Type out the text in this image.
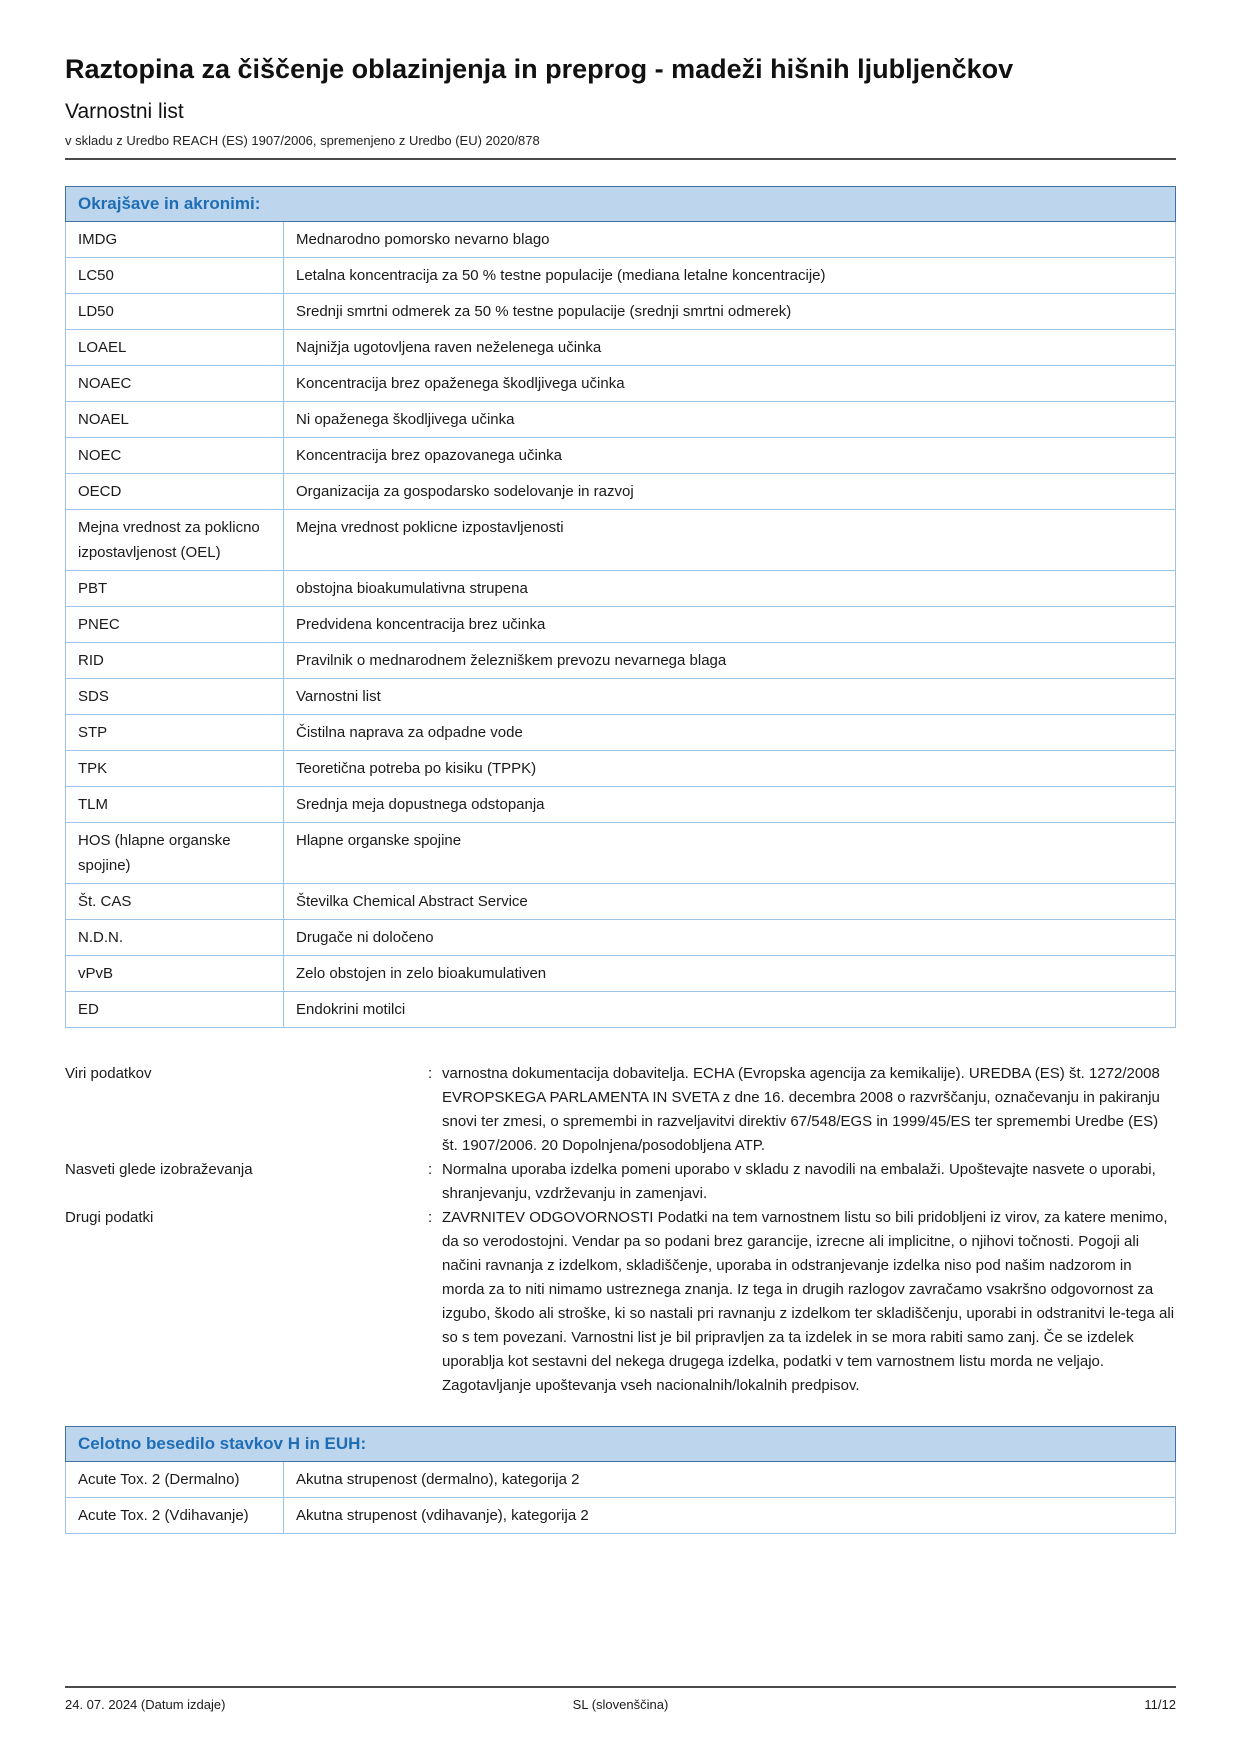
Raztopina za čiščenje oblazinjenja in preprog - madeži hišnih ljubljenčkov
Varnostni list
v skladu z Uredbo REACH (ES) 1907/2006, spremenjeno z Uredbo (EU) 2020/878
Okrajšave in akronimi:	
IMDG	Mednarodno pomorsko nevarno blago
LC50	Letalna koncentracija za 50 % testne populacije (mediana letalne koncentracije)
LD50	Srednji smrtni odmerek za 50 % testne populacije (srednji smrtni odmerek)
LOAEL	Najnižja ugotovljena raven neželenega učinka
NOAEC	Koncentracija brez opaženega škodljivega učinka
NOAEL	Ni opaženega škodljivega učinka
NOEC	Koncentracija brez opazovanega učinka
OECD	Organizacija za gospodarsko sodelovanje in razvoj
Mejna vrednost za poklicno izpostavljenost (OEL)	Mejna vrednost poklicne izpostavljenosti
PBT	obstojna bioakumulativna strupena
PNEC	Predvidena koncentracija brez učinka
RID	Pravilnik o mednarodnem železniškem prevozu nevarnega blaga
SDS	Varnostni list
STP	Čistilna naprava za odpadne vode
TPK	Teoretična potreba po kisiku (TPPK)
TLM	Srednja meja dopustnega odstopanja
HOS (hlapne organske spojine)	Hlapne organske spojine
Št. CAS	Številka Chemical Abstract Service
N.D.N.	Drugače ni določeno
vPvB	Zelo obstojen in zelo bioakumulativen
ED	Endokrini motilci
Viri podatkov	: varnostna dokumentacija dobavitelja. ECHA (Evropska agencija za kemikalije). UREDBA (ES) št. 1272/2008 EVROPSKEGA PARLAMENTA IN SVETA z dne 16. decembra 2008 o razvrščanju, označevanju in pakiranju snovi ter zmesi, o spremembi in razveljavitvi direktiv 67/548/EGS in 1999/45/ES ter spremembi Uredbe (ES) št. 1907/2006. 20 Dopolnjena/posodobljena ATP.
Nasveti glede izobraževanja	: Normalna uporaba izdelka pomeni uporabo v skladu z navodili na embalaži. Upoštevajte nasvete o uporabi, shranjevanju, vzdrževanju in zamenjavi.
Drugi podatki	: ZAVRNITEV ODGOVORNOSTI Podatki na tem varnostnem listu so bili pridobljeni iz virov, za katere menimo, da so verodostojni. Vendar pa so podani brez garancije, izrecne ali implicitne, o njihovi točnosti. Pogoji ali načini ravnanja z izdelkom, skladiščenje, uporaba in odstranjevanje izdelka niso pod našim nadzorom in morda za to niti nimamo ustreznega znanja. Iz tega in drugih razlogov zavračamo vsakršno odgovornost za izgubo, škodo ali stroške, ki so nastali pri ravnanju z izdelkom ter skladiščenju, uporabi in odstranitvi le-tega ali so s tem povezani. Varnostni list je bil pripravljen za ta izdelek in se mora rabiti samo zanj. Če se izdelek uporablja kot sestavni del nekega drugega izdelka, podatki v tem varnostnem listu morda ne veljajo. Zagotavljanje upoštevanja vseh nacionalnih/lokalnih predpisov.
Celotno besedilo stavkov H in EUH:	
Acute Tox. 2 (Dermalno)	Akutna strupenost (dermalno), kategorija 2
Acute Tox. 2 (Vdihavanje)	Akutna strupenost (vdihavanje), kategorija 2
24. 07. 2024 (Datum izdaje)	SL (slovenščina)	11/12
